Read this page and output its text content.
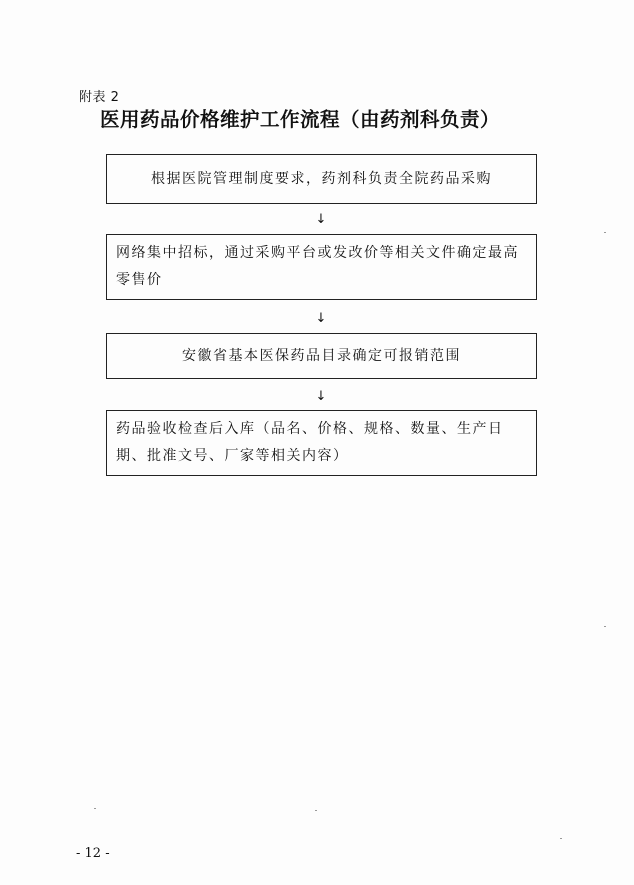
附表 2
医用药品价格维护工作流程（由药剂科负责）
根据医院管理制度要求，药剂科负责全院药品采购
↓
网络集中招标，通过采购平台或发改价等相关文件确定最高零售价
↓
安徽省基本医保药品目录确定可报销范围
↓
药品验收检查后入库（品名、价格、规格、数量、生产日期、批准文号、厂家等相关内容）
- 12 -
